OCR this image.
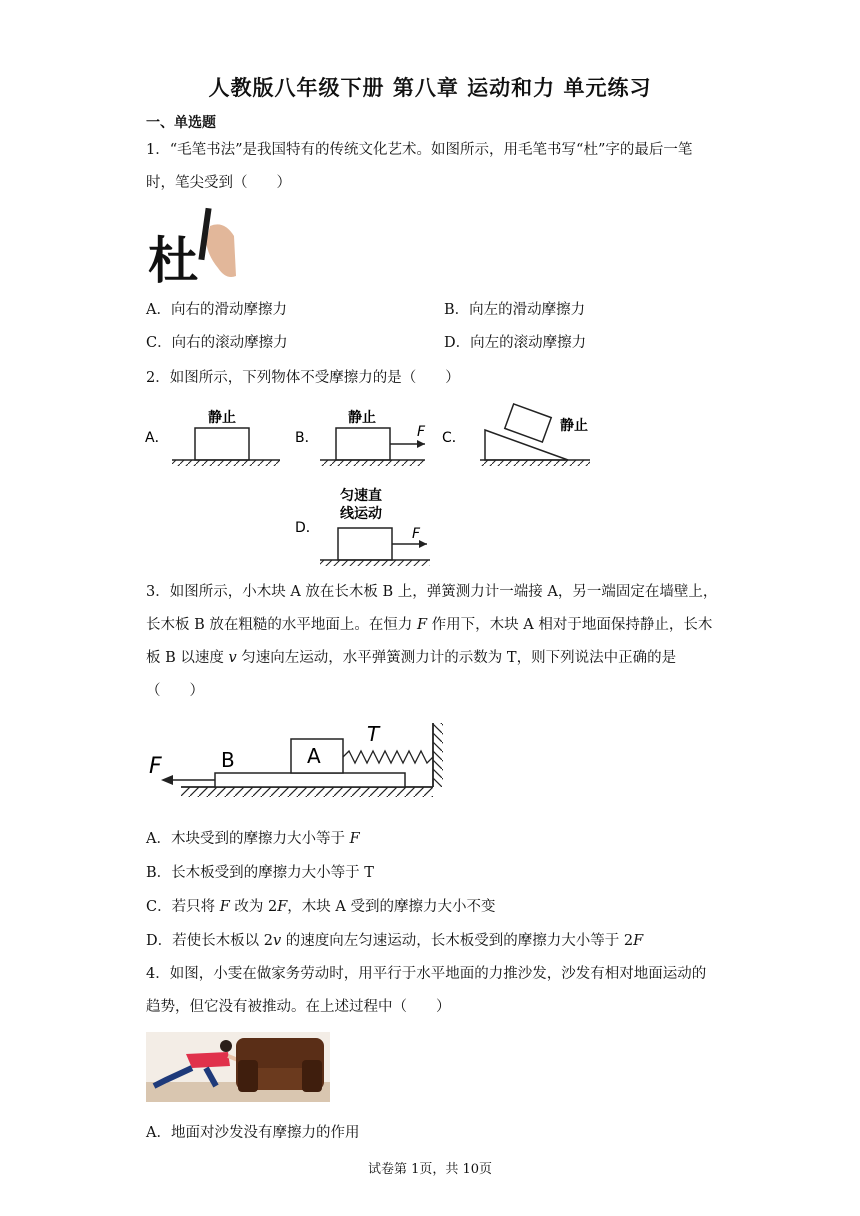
人教版八年级下册 第八章 运动和力 单元练习
一、单选题
1．“毛笔书法”是我国特有的传统文化艺术。如图所示，用毛笔书写“杜”字的最后一笔时，笔尖受到（　　）
杜
A．向右的滑动摩擦力	B．向左的滑动摩擦力
C．向右的滚动摩擦力	D．向左的滚动摩擦力
2．如图所示，下列物体不受摩擦力的是（　　）
A．
静止
B．
静止
F C．
静止
D．
匀速直
线运动
F
3．如图所示，小木块 A 放在长木板 B 上，弹簧测力计一端接 A，另一端固定在墙壁上，长木板 B 放在粗糙的水平地面上。在恒力 F 作用下，木块 A 相对于地面保持静止，长木板 B 以速度 v 匀速向左运动，水平弹簧测力计的示数为 T，则下列说法中正确的是（　　）
B	A
T
F
A．木块受到的摩擦力大小等于 F
B．长木板受到的摩擦力大小等于 T
C．若只将 F 改为 2F，木块 A 受到的摩擦力大小不变
D．若使长木板以 2v 的速度向左匀速运动，长木板受到的摩擦力大小等于 2F
4．如图，小雯在做家务劳动时，用平行于水平地面的力推沙发，沙发有相对地面运动的趋势，但它没有被推动。在上述过程中（　　）
A．地面对沙发没有摩擦力的作用
试卷第 1页，共 10页
